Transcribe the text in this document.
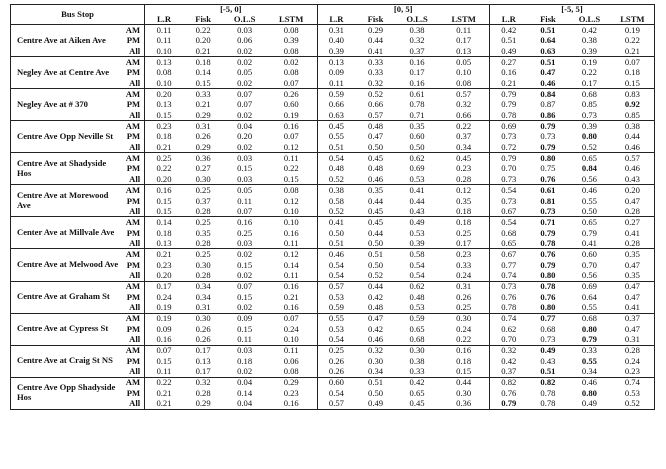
Bus Stop		[-5, 0]				[0, 5]				[-5, 5]			
		L.R	Fisk	O.L.S	LSTM	L.R	Fisk	O.L.S	LSTM	L.R	Fisk	O.L.S	LSTM
Centre Ave at Aiken Ave	AM	0.11	0.22	0.03	0.08	0.31	0.29	0.38	0.11	0.42	0.51	0.42	0.19
	PM	0.11	0.20	0.06	0.39	0.40	0.44	0.32	0.17	0.51	0.64	0.38	0.22
	All	0.10	0.21	0.02	0.08	0.39	0.41	0.37	0.13	0.49	0.63	0.39	0.21
Negley Ave at Centre Ave	AM	0.13	0.18	0.02	0.02	0.13	0.33	0.16	0.05	0.27	0.51	0.19	0.07
	PM	0.08	0.14	0.05	0.08	0.09	0.33	0.17	0.10	0.16	0.47	0.22	0.18
	All	0.10	0.15	0.02	0.07	0.11	0.32	0.16	0.08	0.21	0.46	0.17	0.15
Negley Ave at # 370	AM	0.20	0.33	0.07	0.26	0.59	0.52	0.61	0.57	0.79	0.84	0.68	0.83
	PM	0.13	0.21	0.07	0.60	0.66	0.66	0.78	0.32	0.79	0.87	0.85	0.92
	All	0.15	0.29	0.02	0.19	0.63	0.57	0.71	0.66	0.78	0.86	0.73	0.85
Centre Ave Opp Neville St	AM	0.23	0.31	0.04	0.16	0.45	0.48	0.35	0.22	0.69	0.79	0.39	0.38
	PM	0.18	0.26	0.20	0.07	0.55	0.47	0.60	0.37	0.73	0.73	0.80	0.44
	All	0.21	0.29	0.02	0.12	0.51	0.50	0.50	0.34	0.72	0.79	0.52	0.46
Centre Ave at Shadyside Hos	AM	0.25	0.36	0.03	0.11	0.54	0.45	0.62	0.45	0.79	0.80	0.65	0.57
	PM	0.22	0.27	0.15	0.22	0.48	0.48	0.69	0.23	0.70	0.75	0.84	0.46
	All	0.20	0.30	0.03	0.15	0.52	0.46	0.53	0.28	0.73	0.76	0.56	0.43
Centre Ave at Morewood Ave	AM	0.16	0.25	0.05	0.08	0.38	0.35	0.41	0.12	0.54	0.61	0.46	0.20
	PM	0.15	0.37	0.11	0.12	0.58	0.44	0.44	0.35	0.73	0.81	0.55	0.47
	All	0.15	0.28	0.07	0.10	0.52	0.45	0.43	0.18	0.67	0.73	0.50	0.28
Center Ave at Millvale Ave	AM	0.14	0.25	0.16	0.10	0.41	0.45	0.49	0.18	0.54	0.71	0.65	0.27
	PM	0.18	0.35	0.25	0.16	0.50	0.44	0.53	0.25	0.68	0.79	0.79	0.41
	All	0.13	0.28	0.03	0.11	0.51	0.50	0.39	0.17	0.65	0.78	0.41	0.28
Centre Ave at Melwood Ave	AM	0.21	0.25	0.02	0.12	0.46	0.51	0.58	0.23	0.67	0.76	0.60	0.35
	PM	0.23	0.30	0.15	0.14	0.54	0.50	0.54	0.33	0.77	0.79	0.70	0.47
	All	0.20	0.28	0.02	0.11	0.54	0.52	0.54	0.24	0.74	0.80	0.56	0.35
Centre Ave at Graham St	AM	0.17	0.34	0.07	0.16	0.57	0.44	0.62	0.31	0.73	0.78	0.69	0.47
	PM	0.24	0.34	0.15	0.21	0.53	0.42	0.48	0.26	0.76	0.76	0.64	0.47
	All	0.19	0.31	0.02	0.16	0.59	0.48	0.53	0.25	0.78	0.80	0.55	0.41
Centre Ave at Cypress St	AM	0.19	0.30	0.09	0.07	0.55	0.47	0.59	0.30	0.74	0.77	0.68	0.37
	PM	0.09	0.26	0.15	0.24	0.53	0.42	0.65	0.24	0.62	0.68	0.80	0.47
	All	0.16	0.26	0.11	0.10	0.54	0.46	0.68	0.22	0.70	0.73	0.79	0.31
Centre Ave at Craig St NS	AM	0.07	0.17	0.03	0.11	0.25	0.32	0.30	0.16	0.32	0.49	0.33	0.28
	PM	0.15	0.13	0.18	0.06	0.26	0.30	0.38	0.18	0.42	0.43	0.55	0.24
	All	0.11	0.17	0.02	0.08	0.26	0.34	0.33	0.15	0.37	0.51	0.34	0.23
Centre Ave Opp Shadyside Hos	AM	0.22	0.32	0.04	0.29	0.60	0.51	0.42	0.44	0.82	0.82	0.46	0.74
	PM	0.21	0.28	0.14	0.23	0.54	0.50	0.65	0.30	0.76	0.78	0.80	0.53
	All	0.21	0.29	0.04	0.16	0.57	0.49	0.45	0.36	0.79	0.78	0.49	0.52
